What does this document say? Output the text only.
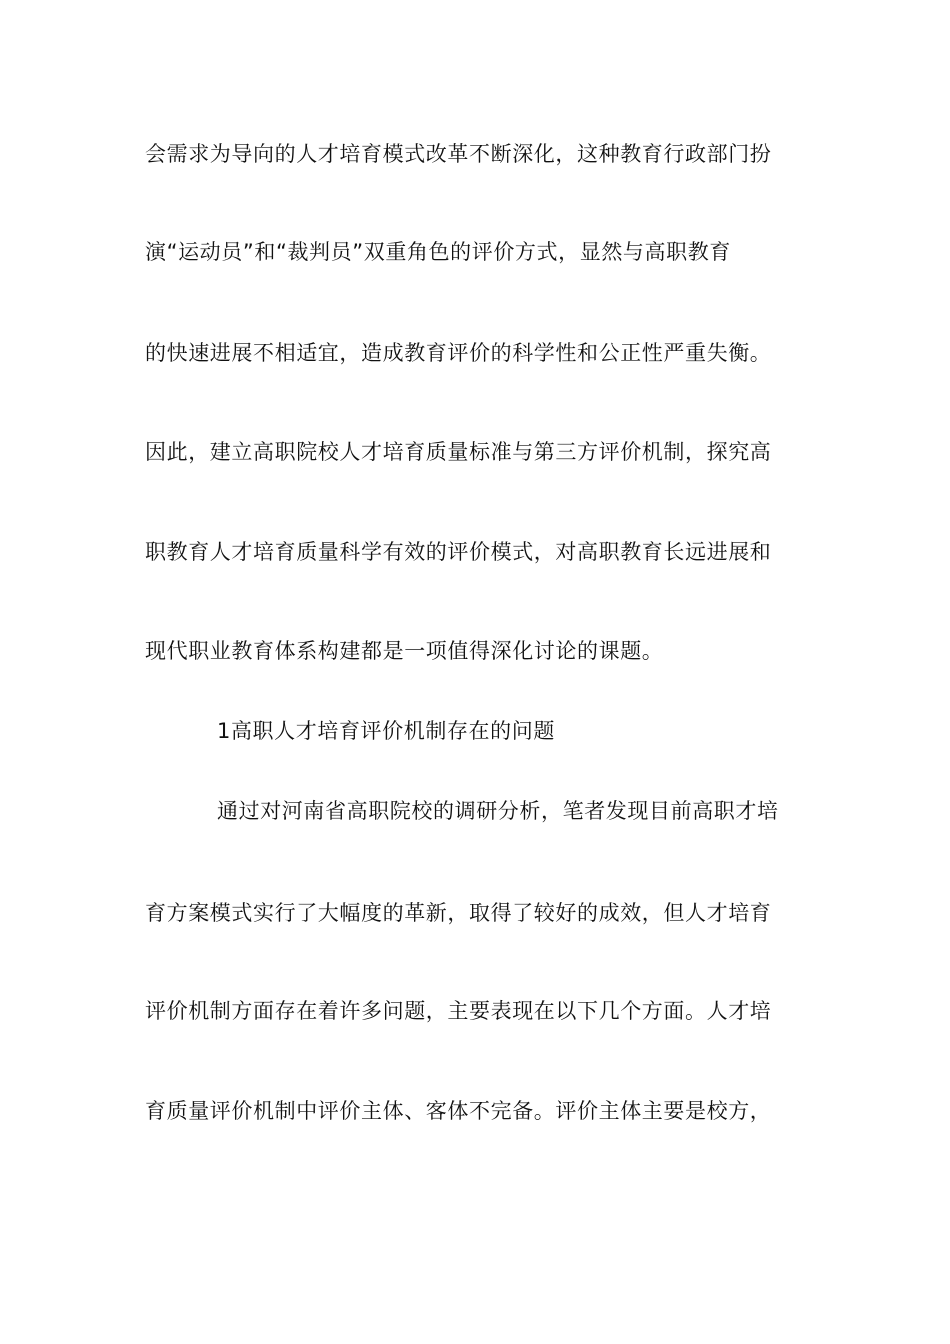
会需求为导向的人才培育模式改革不断深化，这种教育行政部门扮
演“运动员”和“裁判员”双重角色的评价方式，显然与高职教育
的快速进展不相适宜，造成教育评价的科学性和公正性严重失衡。
因此，建立高职院校人才培育质量标准与第三方评价机制，探究高
职教育人才培育质量科学有效的评价模式，对高职教育长远进展和
现代职业教育体系构建都是一项值得深化讨论的课题。
1高职人才培育评价机制存在的问题
通过对河南省高职院校的调研分析，笔者发现目前高职才培
育方案模式实行了大幅度的革新，取得了较好的成效，但人才培育
评价机制方面存在着许多问题，主要表现在以下几个方面。人才培
育质量评价机制中评价主体、客体不完备。评价主体主要是校方，
